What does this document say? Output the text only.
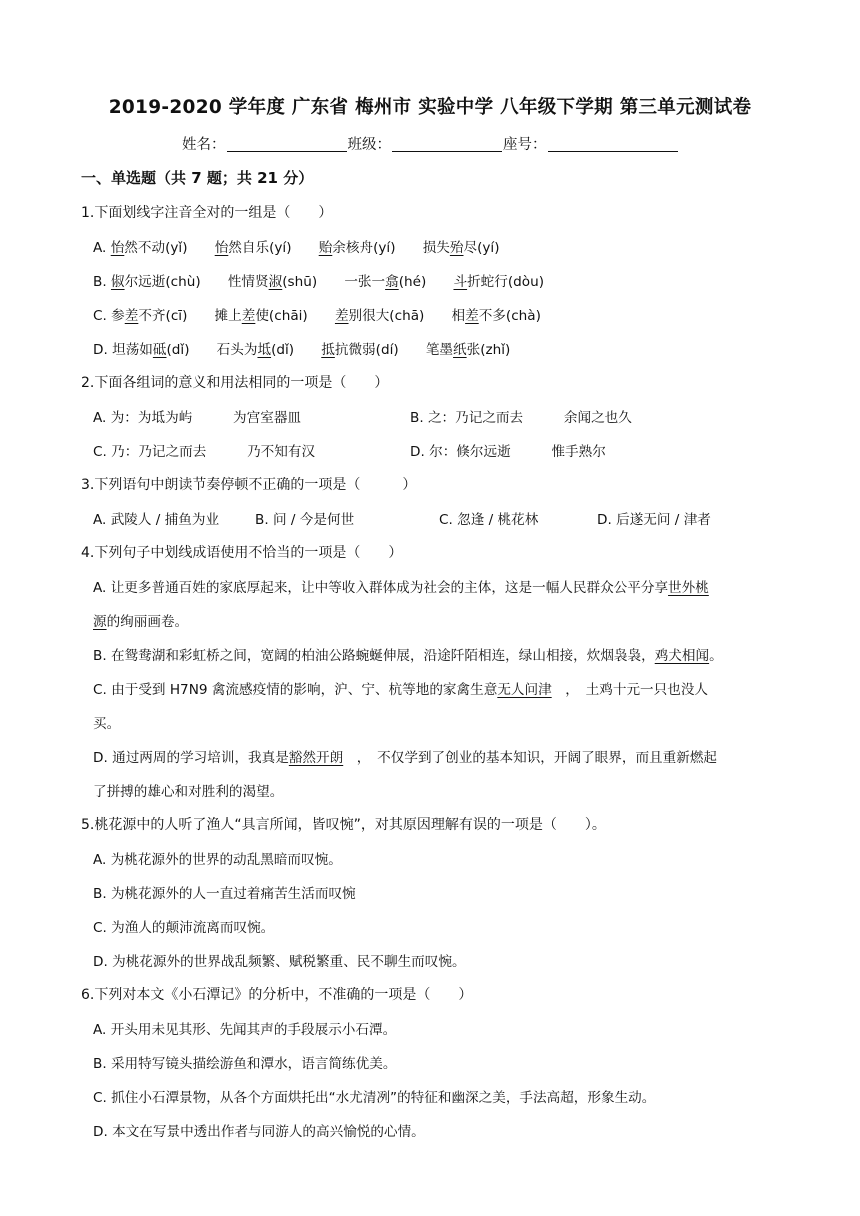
2019-2020 学年度 广东省 梅州市 实验中学 八年级下学期 第三单元测试卷
姓名：	班级：	座号：
一、单选题（共 7 题；共 21 分）
1.下面划线字注音全对的一组是（　　）
A. 怡然不动(yǐ)　　怡然自乐(yí)　　贻余核舟(yí)　　损失殆尽(yí)
B. 俶尔远逝(chù)　　性情贤淑(shū)　　一张一翕(hé)　　斗折蛇行(dòu)
C. 参差不齐(cī)　　摊上差使(chāi)　　差别很大(chā)　　相差不多(chà)
D. 坦荡如砥(dǐ)　　石头为坻(dǐ)　　抵抗微弱(dí)　　笔墨纸张(zhǐ)
2.下面各组词的意义和用法相同的一项是（　　）
A. 为：为坻为屿　　　为宫室器皿	B. 之：乃记之而去　　　余闻之也久
C. 乃：乃记之而去　　　乃不知有汉	D. 尔：倏尔远逝　　　惟手熟尔
3.下列语句中朗读节奏停顿不正确的一项是（　　　）
A. 武陵人 / 捕鱼为业	B. 问 / 今是何世	C. 忽逢 / 桃花林	D. 后遂无问 / 津者
4.下列句子中划线成语使用不恰当的一项是（　　）
A. 让更多普通百姓的家底厚起来，让中等收入群体成为社会的主体，这是一幅人民群众公平分享世外桃
源的绚丽画卷。
B. 在鸳鸯湖和彩虹桥之间，宽阔的柏油公路蜿蜒伸展，沿途阡陌相连，绿山相接，炊烟袅袅，鸡犬相闻。
C. 由于受到 H7N9 禽流感疫情的影响，沪、宁、杭等地的家禽生意无人问津　，　土鸡十元一只也没人
买。
D. 通过两周的学习培训，我真是豁然开朗　，　不仅学到了创业的基本知识，开阔了眼界，而且重新燃起
了拼搏的雄心和对胜利的渴望。
5.桃花源中的人听了渔人“具言所闻，皆叹惋”，对其原因理解有误的一项是（　　）。
A. 为桃花源外的世界的动乱黑暗而叹惋。
B. 为桃花源外的人一直过着痛苦生活而叹惋
C. 为渔人的颠沛流离而叹惋。
D. 为桃花源外的世界战乱频繁、赋税繁重、民不聊生而叹惋。
6.下列对本文《小石潭记》的分析中，不准确的一项是（　　）
A. 开头用未见其形、先闻其声的手段展示小石潭。
B. 采用特写镜头描绘游鱼和潭水，语言简练优美。
C. 抓住小石潭景物，从各个方面烘托出“水尤清冽”的特征和幽深之美，手法高超，形象生动。
D. 本文在写景中透出作者与同游人的高兴愉悦的心情。
